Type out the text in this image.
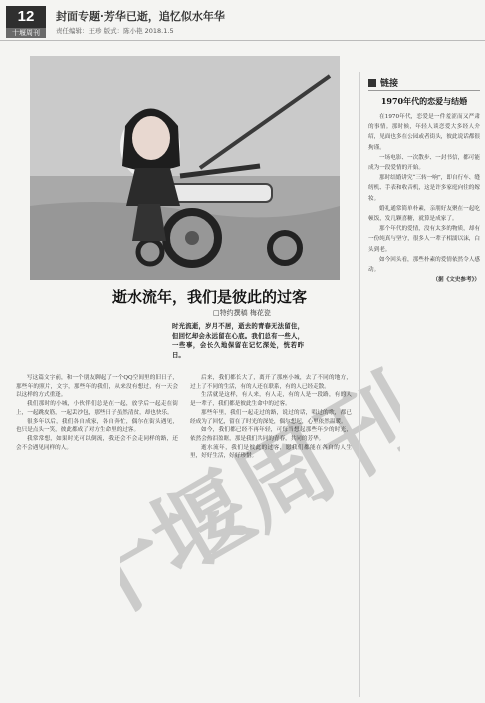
12
十堰周刊
封面专题·芳华已逝，追忆似水年华
责任编辑：王珍 版式：陈小艳 2018.1.5
逝水流年，我们是彼此的过客
□特约撰稿 梅花瓷
时光流逝，岁月不居，逝去的青春无法留住，但回忆却会永远留在心底。我们总有一些人，一些事，会长久地保留在记忆深处，恍若昨日。

写这篇文字前，和一个朋友聊起了一个QQ空间里的旧日子，那些年的照片，文字，那些年的我们，从来没有想过，有一天会以这样的方式重逢。

我们那时的小城，小伙伴们总是在一起，放学后一起走在街上，一起跳皮筋，一起丢沙包，那些日子虽然清贫，却也快乐。

很多年以后，我们各自成家，各自奔忙，偶尔在街头遇见，也只是点头一笑，彼此都成了对方生命里的过客。

我常常想，如果时光可以倒流，我还会不会走同样的路，还会不会遇见同样的人。

后来，我们都长大了，离开了那座小城，去了不同的地方，过上了不同的生活，有的人还在联系，有的人已经走散。

生活就是这样，有人来，有人走，有的人是一段路，有的人是一辈子，我们都是彼此生命中的过客。

那些年里，我们一起走过的路，说过的话，唱过的歌，都已经成为了回忆，留在了时光的深处，偶尔想起，心里依然温暖。

如今，我们都已经不再年轻，可每当想起那些年少的时光，依然会热泪盈眶，那是我们共同的青春，共同的芳华。

逝水流年，我们是彼此的过客，愿我们都能在各自的人生里，好好生活，好好珍惜。

十堰周刊
链接
1970年代的恋爱与结婚

在1970年代，恋爱是一件羞涩而又严肃的事情。那时候，年轻人谈恋爱大多经人介绍，见面也多在公园或者街头，彼此说话都很拘谨。

一场电影、一次散步、一封书信，都可能成为一段爱情的开始。

那时结婚讲究“三转一响”，即自行车、缝纫机、手表和收音机，这是许多家庭向往的嫁妆。

婚礼通常简单朴素，亲朋好友聚在一起吃顿饭，发几颗喜糖，就算是成家了。

那个年代的爱情，没有太多的物质，却有一份纯真与坚守，很多人一辈子相濡以沫，白头到老。

如今回头看，那些朴素的爱情依然令人感动。

（据《文史参考》）
